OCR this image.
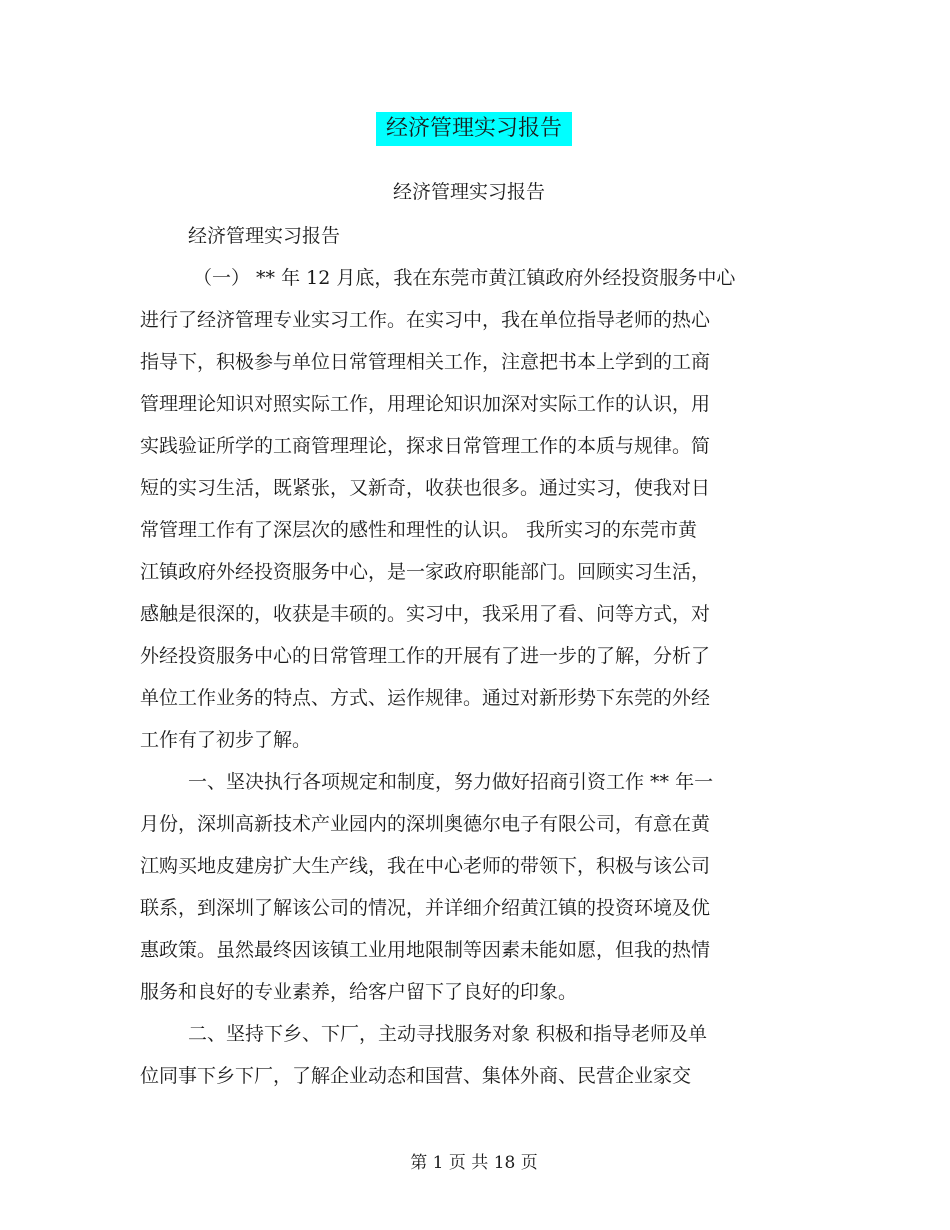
经济管理实习报告
经济管理实习报告
经济管理实习报告
（一） ** 年 12 月底，我在东莞市黄江镇政府外经投资服务中心
进行了经济管理专业实习工作。在实习中，我在单位指导老师的热心
指导下，积极参与单位日常管理相关工作，注意把书本上学到的工商
管理理论知识对照实际工作，用理论知识加深对实际工作的认识，用
实践验证所学的工商管理理论，探求日常管理工作的本质与规律。简
短的实习生活，既紧张，又新奇，收获也很多。通过实习，使我对日
常管理工作有了深层次的感性和理性的认识。 我所实习的东莞市黄
江镇政府外经投资服务中心，是一家政府职能部门。回顾实习生活，
感触是很深的，收获是丰硕的。实习中，我采用了看、问等方式，对
外经投资服务中心的日常管理工作的开展有了进一步的了解，分析了
单位工作业务的特点、方式、运作规律。通过对新形势下东莞的外经
工作有了初步了解。
一、坚决执行各项规定和制度，努力做好招商引资工作 ** 年一
月份，深圳高新技术产业园内的深圳奥德尔电子有限公司，有意在黄
江购买地皮建房扩大生产线，我在中心老师的带领下，积极与该公司
联系，到深圳了解该公司的情况，并详细介绍黄江镇的投资环境及优
惠政策。虽然最终因该镇工业用地限制等因素未能如愿，但我的热情
服务和良好的专业素养，给客户留下了良好的印象。
二、坚持下乡、下厂，主动寻找服务对象 积极和指导老师及单
位同事下乡下厂，了解企业动态和国营、集体外商、民营企业家交
第 1 页 共 18 页
